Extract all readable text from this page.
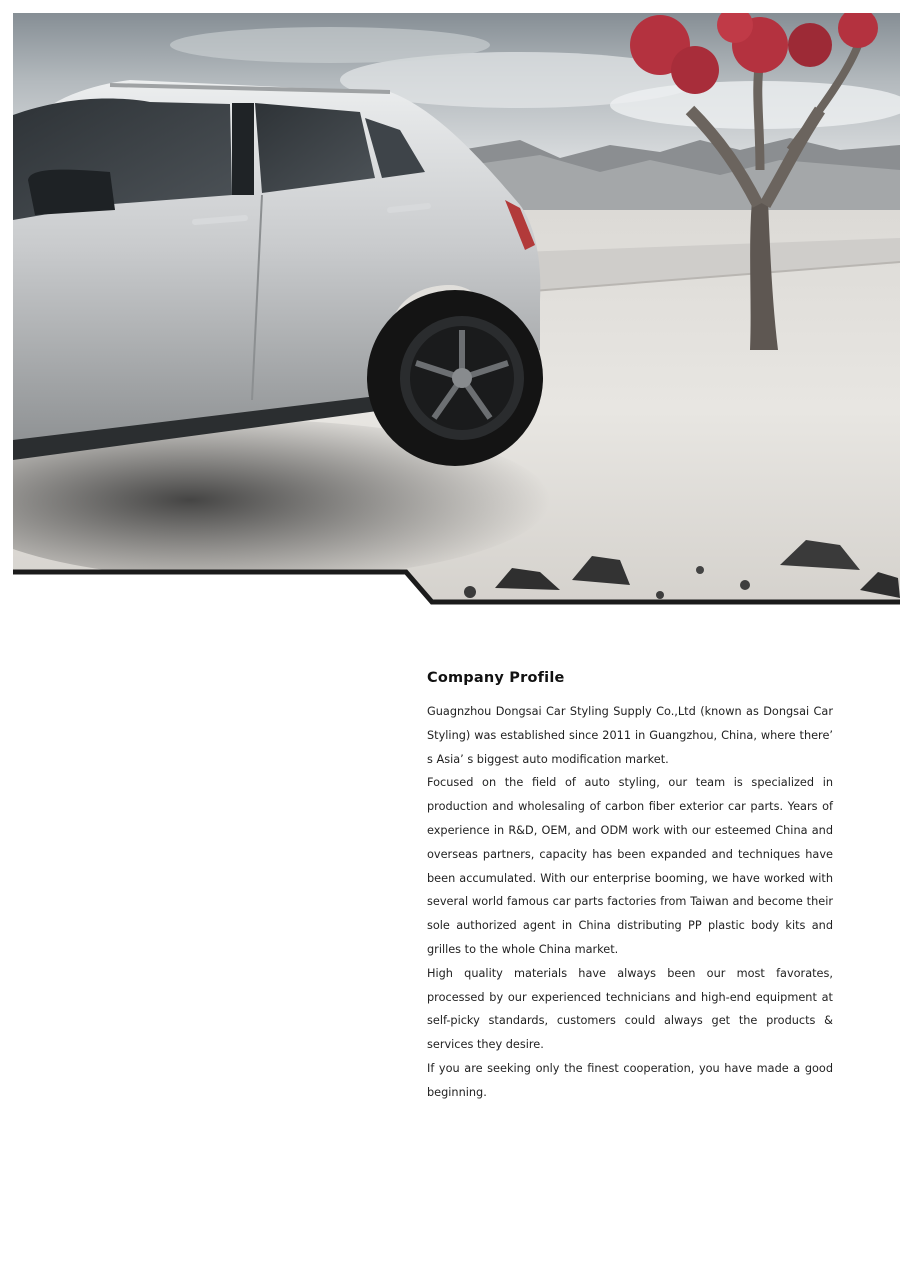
Company Profile

Guagnzhou Dongsai Car Styling Supply Co.,Ltd (known as Dongsai Car Styling) was established since 2011 in Guangzhou, China, where there’ s Asia’ s biggest auto modification market.

Focused on the field of auto styling, our team is specialized in production and wholesaling of carbon fiber exterior car parts. Years of experience in R&D, OEM, and ODM work with our esteemed China and overseas partners, capacity has been expanded and techniques have been accumulated. With our enterprise booming, we have worked with several world famous car parts factories from Taiwan and become their sole authorized agent in China distributing PP plastic body kits and grilles to the whole China market.

High quality materials have always been our most favorates, processed by our experienced technicians and high-end equipment at self-picky standards, customers could always get the products & services they desire.

If you are seeking only the finest cooperation, you have made a good beginning.
